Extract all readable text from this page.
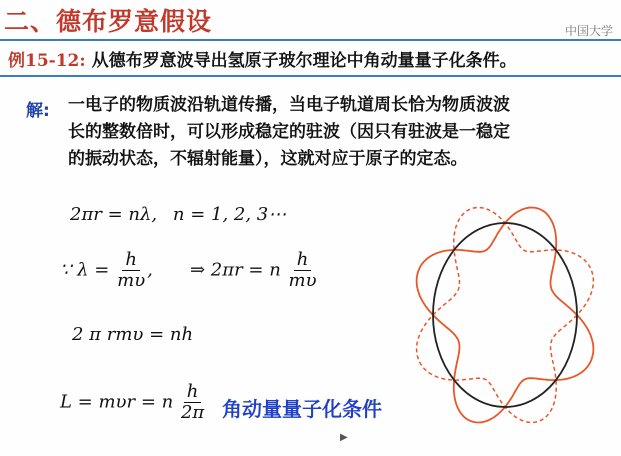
二、德布罗意假设	中国大学
例15-12: 从德布罗意波导出氢原子玻尔理论中角动量量子化条件。
解: 一电子的物质波沿轨道传播，当电子轨道周长恰为物质波波
长的整数倍时，可以形成稳定的驻波（因只有驻波是一稳定
的振动状态，不辐射能量），这就对应于原子的定态。
2πr = nλ, n = 1, 2, 3⋯
∵ $\lambda = \frac{h}{m\upsilon}$ , ⇒ 2πr = n $\frac{h}{m\upsilon}$
2 π rmυ = nh
L = mυr = n $\frac{h}{2\pi}$ 角动量量子化条件
▶
